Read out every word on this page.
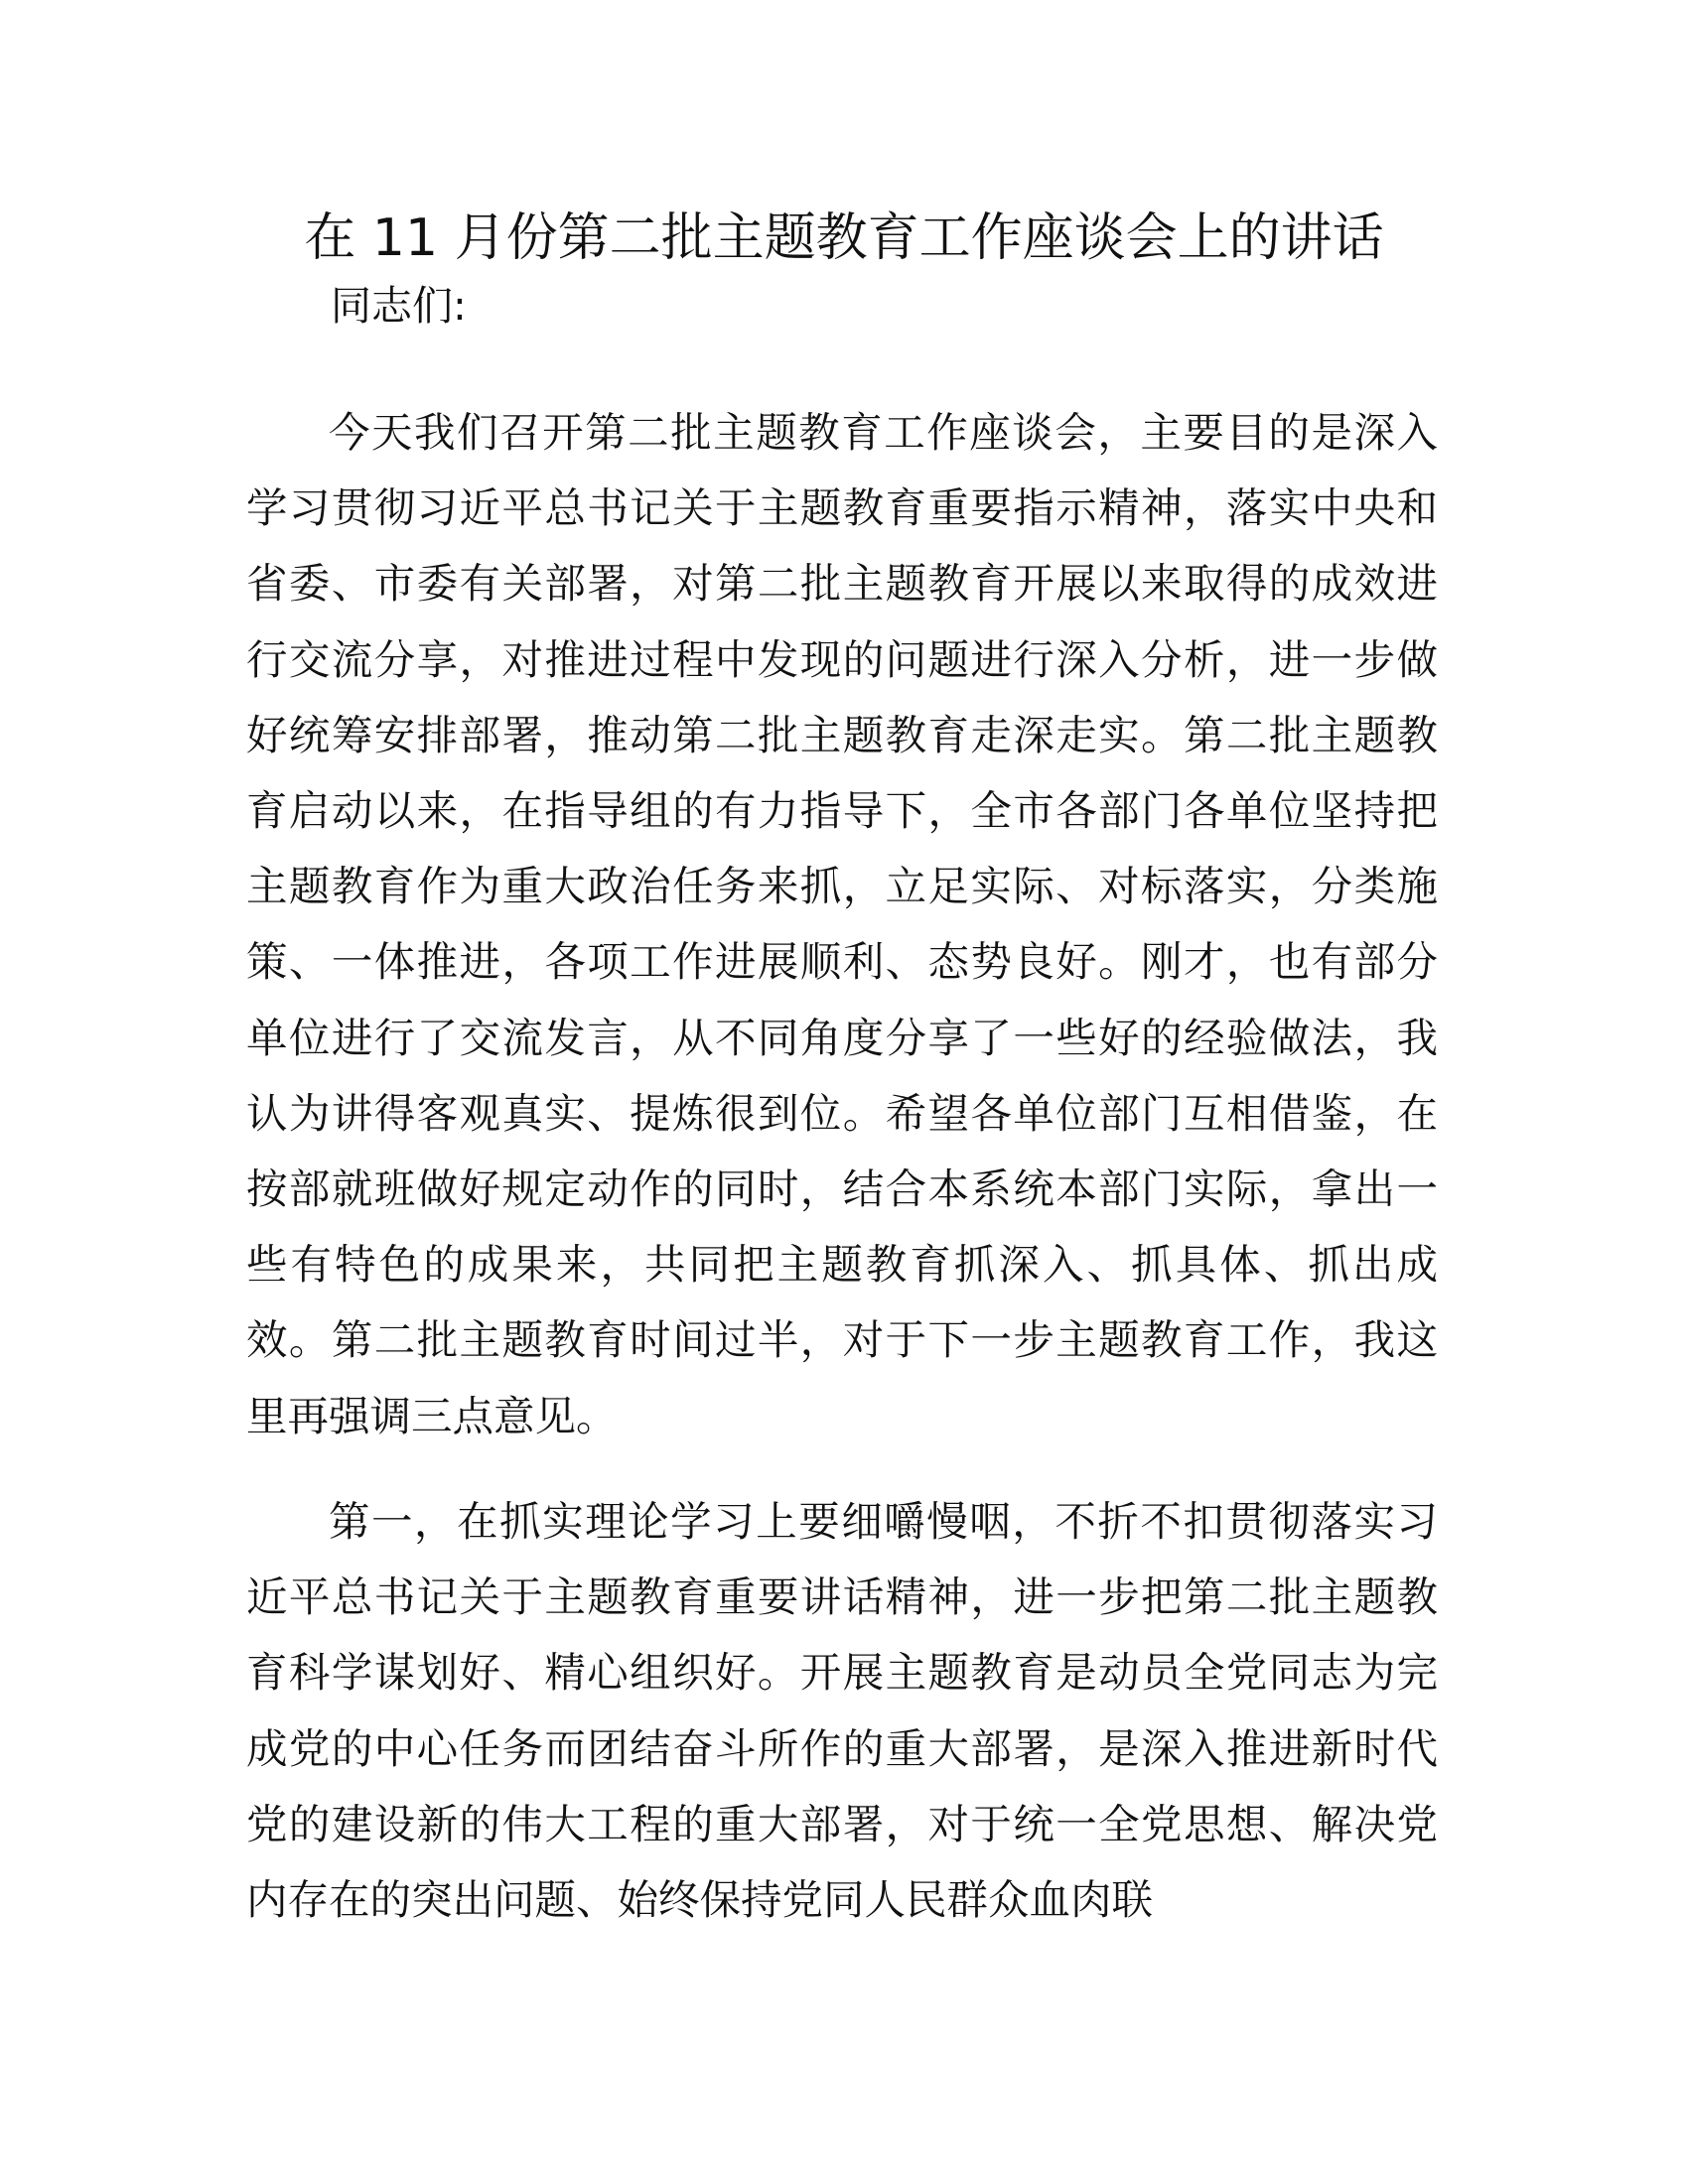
在 11 月份第二批主题教育工作座谈会上的讲话

同志们:

今天我们召开第二批主题教育工作座谈会，主要目的是深入学习贯彻习近平总书记关于主题教育重要指示精神，落实中央和省委、市委有关部署，对第二批主题教育开展以来取得的成效进行交流分享，对推进过程中发现的问题进行深入分析，进一步做好统筹安排部署，推动第二批主题教育走深走实。第二批主题教育启动以来，在指导组的有力指导下，全市各部门各单位坚持把主题教育作为重大政治任务来抓，立足实际、对标落实，分类施策、一体推进，各项工作进展顺利、态势良好。刚才，也有部分单位进行了交流发言，从不同角度分享了一些好的经验做法，我认为讲得客观真实、提炼很到位。希望各单位部门互相借鉴，在按部就班做好规定动作的同时，结合本系统本部门实际，拿出一些有特色的成果来，共同把主题教育抓深入、抓具体、抓出成效。第二批主题教育时间过半，对于下一步主题教育工作，我这里再强调三点意见。

第一，在抓实理论学习上要细嚼慢咽，不折不扣贯彻落实习近平总书记关于主题教育重要讲话精神，进一步把第二批主题教育科学谋划好、精心组织好。开展主题教育是动员全党同志为完成党的中心任务而团结奋斗所作的重大部署，是深入推进新时代党的建设新的伟大工程的重大部署，对于统一全党思想、解决党内存在的突出问题、始终保持党同人民群众血肉联
